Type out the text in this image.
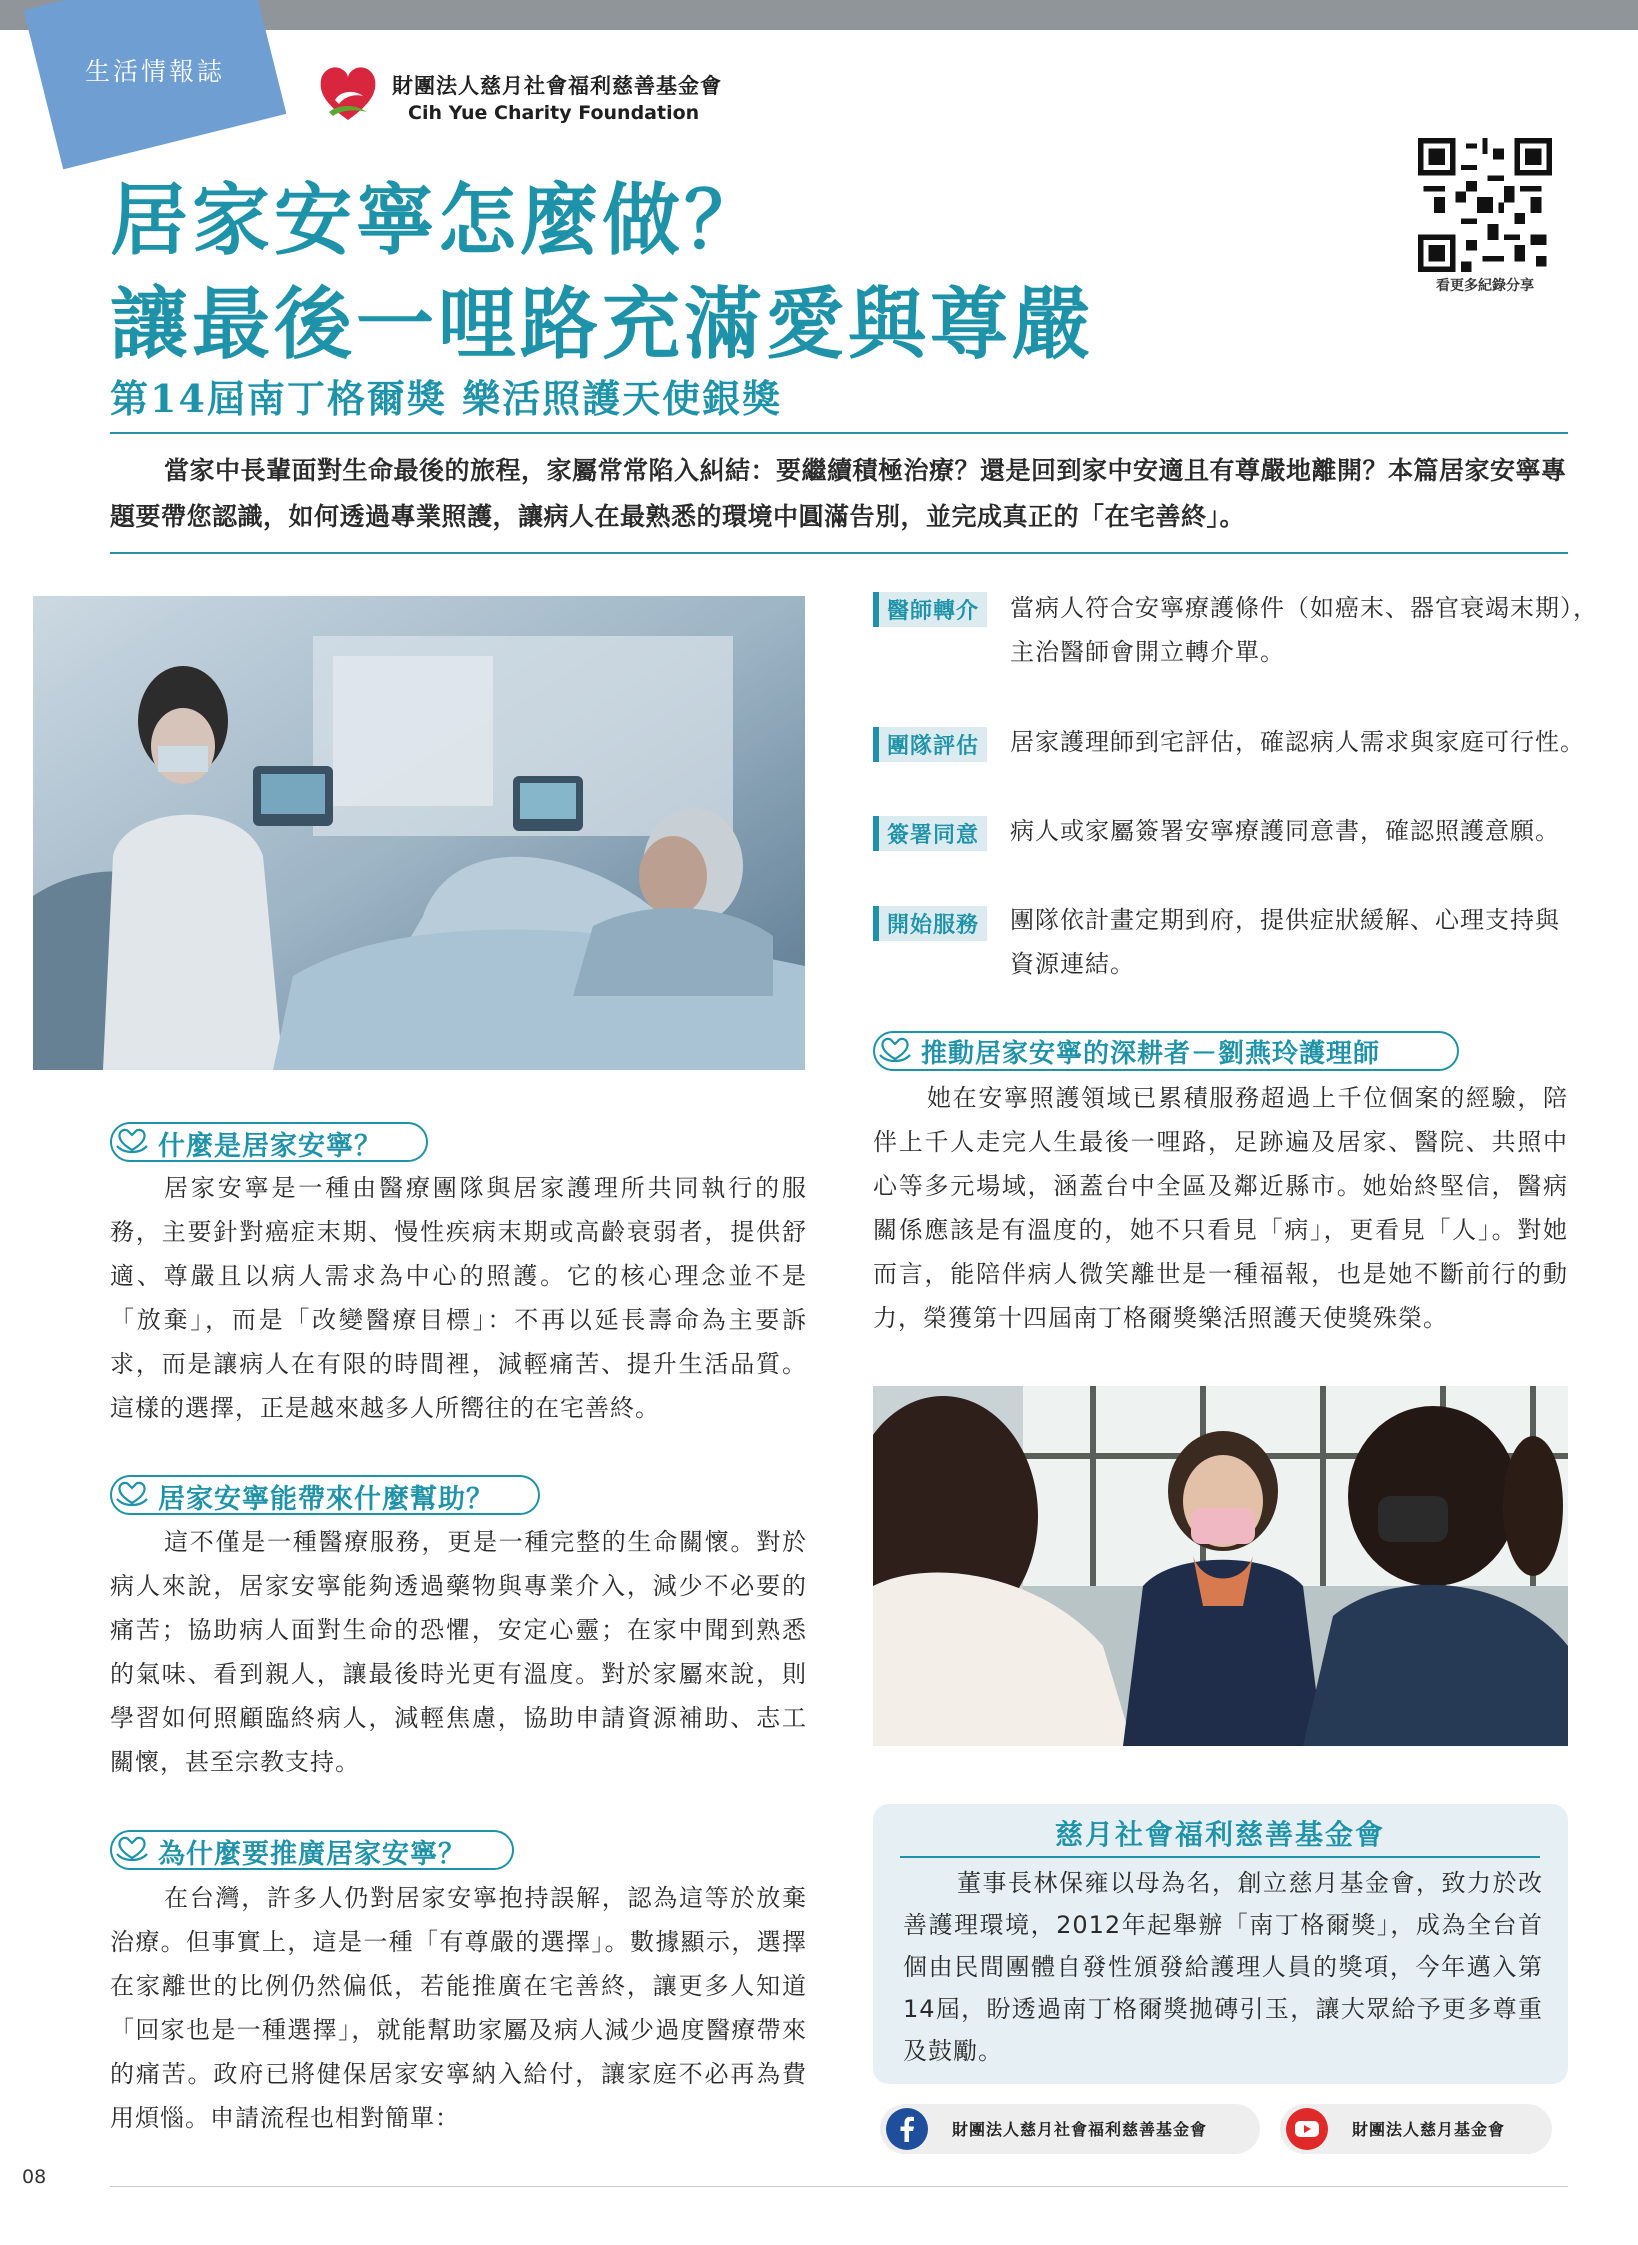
生活情報誌	財團法人慈月社會福利慈善基金會
Cih Yue Charity Foundation
看更多紀錄分享
居家安寧怎麼做？
讓最後一哩路充滿愛與尊嚴
第14屆南丁格爾獎 樂活照護天使銀獎
當家中長輩面對生命最後的旅程，家屬常常陷入糾結：要繼續積極治療？還是回到家中安適且有尊嚴地離開？本篇居家安寧專題要帶您認識，如何透過專業照護，讓病人在最熟悉的環境中圓滿告別，並完成真正的「在宅善終」。
什麼是居家安寧？
居家安寧是一種由醫療團隊與居家護理所共同執行的服務，主要針對癌症末期、慢性疾病末期或高齡衰弱者，提供舒適、尊嚴且以病人需求為中心的照護。它的核心理念並不是「放棄」，而是「改變醫療目標」：不再以延長壽命為主要訴求，而是讓病人在有限的時間裡，減輕痛苦、提升生活品質。這樣的選擇，正是越來越多人所嚮往的在宅善終。
居家安寧能帶來什麼幫助？
這不僅是一種醫療服務，更是一種完整的生命關懷。對於病人來說，居家安寧能夠透過藥物與專業介入，減少不必要的痛苦；協助病人面對生命的恐懼，安定心靈；在家中聞到熟悉的氣味、看到親人，讓最後時光更有溫度。對於家屬來說，則學習如何照顧臨終病人，減輕焦慮，協助申請資源補助、志工關懷，甚至宗教支持。
為什麼要推廣居家安寧？
在台灣，許多人仍對居家安寧抱持誤解，認為這等於放棄治療。但事實上，這是一種「有尊嚴的選擇」。數據顯示，選擇在家離世的比例仍然偏低，若能推廣在宅善終，讓更多人知道「回家也是一種選擇」，就能幫助家屬及病人減少過度醫療帶來的痛苦。政府已將健保居家安寧納入給付，讓家庭不必再為費用煩惱。申請流程也相對簡單：
醫師轉介	當病人符合安寧療護條件（如癌末、器官衰竭末期），
主治醫師會開立轉介單。
團隊評估	居家護理師到宅評估，確認病人需求與家庭可行性。
簽署同意	病人或家屬簽署安寧療護同意書，確認照護意願。
開始服務	團隊依計畫定期到府，提供症狀緩解、心理支持與
資源連結。
推動居家安寧的深耕者－劉燕玲護理師
她在安寧照護領域已累積服務超過上千位個案的經驗，陪伴上千人走完人生最後一哩路，足跡遍及居家、醫院、共照中心等多元場域，涵蓋台中全區及鄰近縣市。她始終堅信，醫病關係應該是有溫度的，她不只看見「病」，更看見「人」。對她而言，能陪伴病人微笑離世是一種福報，也是她不斷前行的動力，榮獲第十四屆南丁格爾獎樂活照護天使獎殊榮。
慈月社會福利慈善基金會
董事長林保雍以母為名，創立慈月基金會，致力於改善護理環境，2012年起舉辦「南丁格爾獎」，成為全台首個由民間團體自發性頒發給護理人員的獎項，今年邁入第14屆，盼透過南丁格爾獎拋磚引玉，讓大眾給予更多尊重及鼓勵。
財團法人慈月社會福利慈善基金會	財團法人慈月基金會
08
